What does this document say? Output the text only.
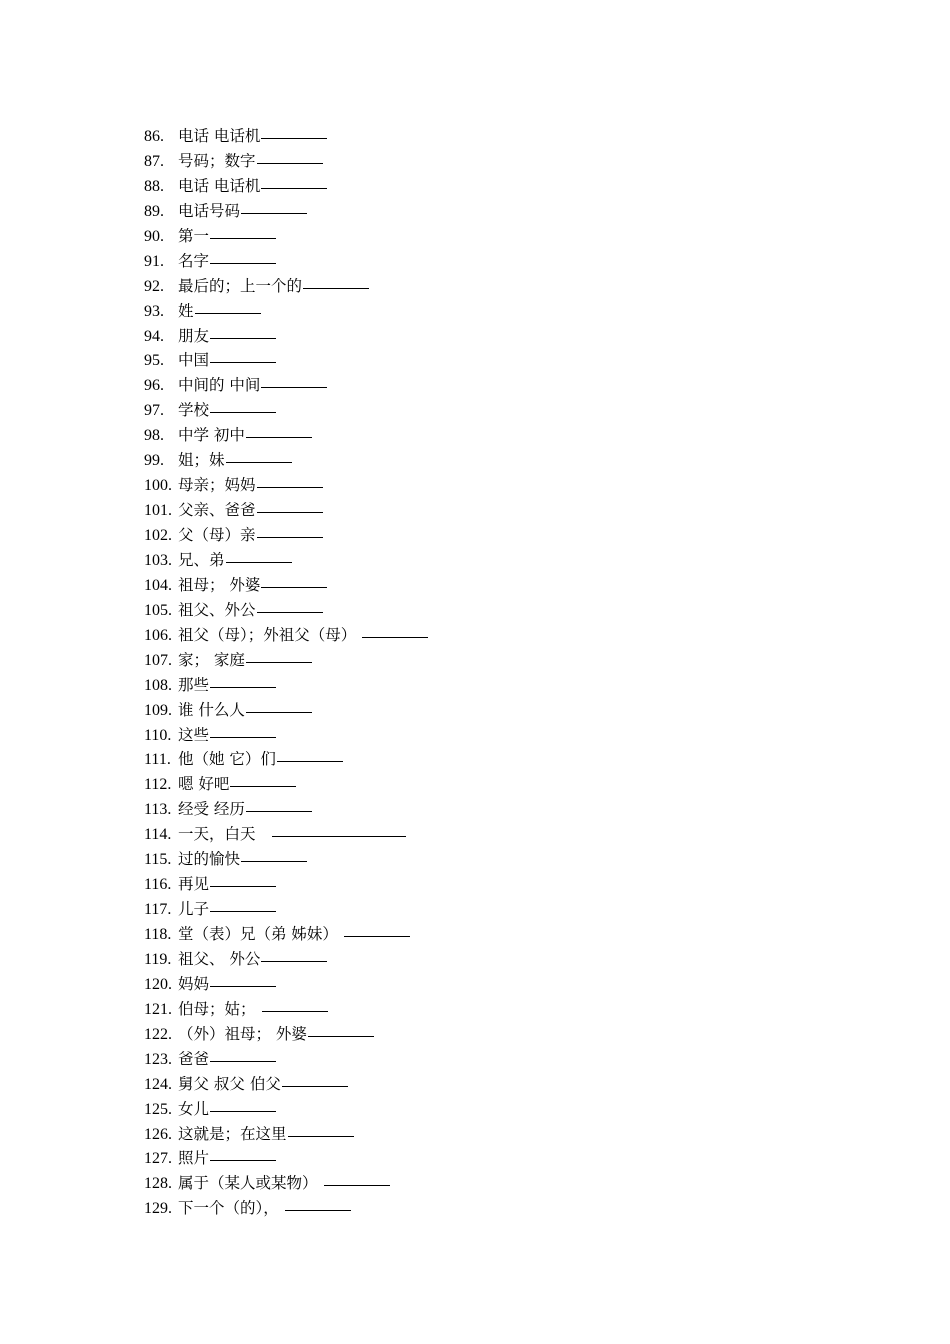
86. 电话 电话机
87. 号码；数字
88. 电话 电话机
89. 电话号码
90. 第一
91. 名字
92. 最后的；上一个的
93. 姓
94. 朋友
95. 中国
96. 中间的 中间
97. 学校
98. 中学 初中
99. 姐；妹
100. 母亲；妈妈
101. 父亲、爸爸
102. 父（母）亲
103. 兄、弟
104. 祖母； 外婆
105. 祖父、外公
106. 祖父（母）；外祖父（母）
107. 家； 家庭
108. 那些
109. 谁 什么人
110. 这些
111. 他（她 它）们
112. 嗯 好吧
113. 经受 经历
114. 一天，白天
115. 过的愉快
116. 再见
117. 儿子
118. 堂（表）兄（弟 姊妹）
119. 祖父、 外公
120. 妈妈
121. 伯母；姑；
122. （外）祖母； 外婆
123. 爸爸
124. 舅父 叔父 伯父
125. 女儿
126. 这就是；在这里
127. 照片
128. 属于（某人或某物）
129. 下一个（的），
